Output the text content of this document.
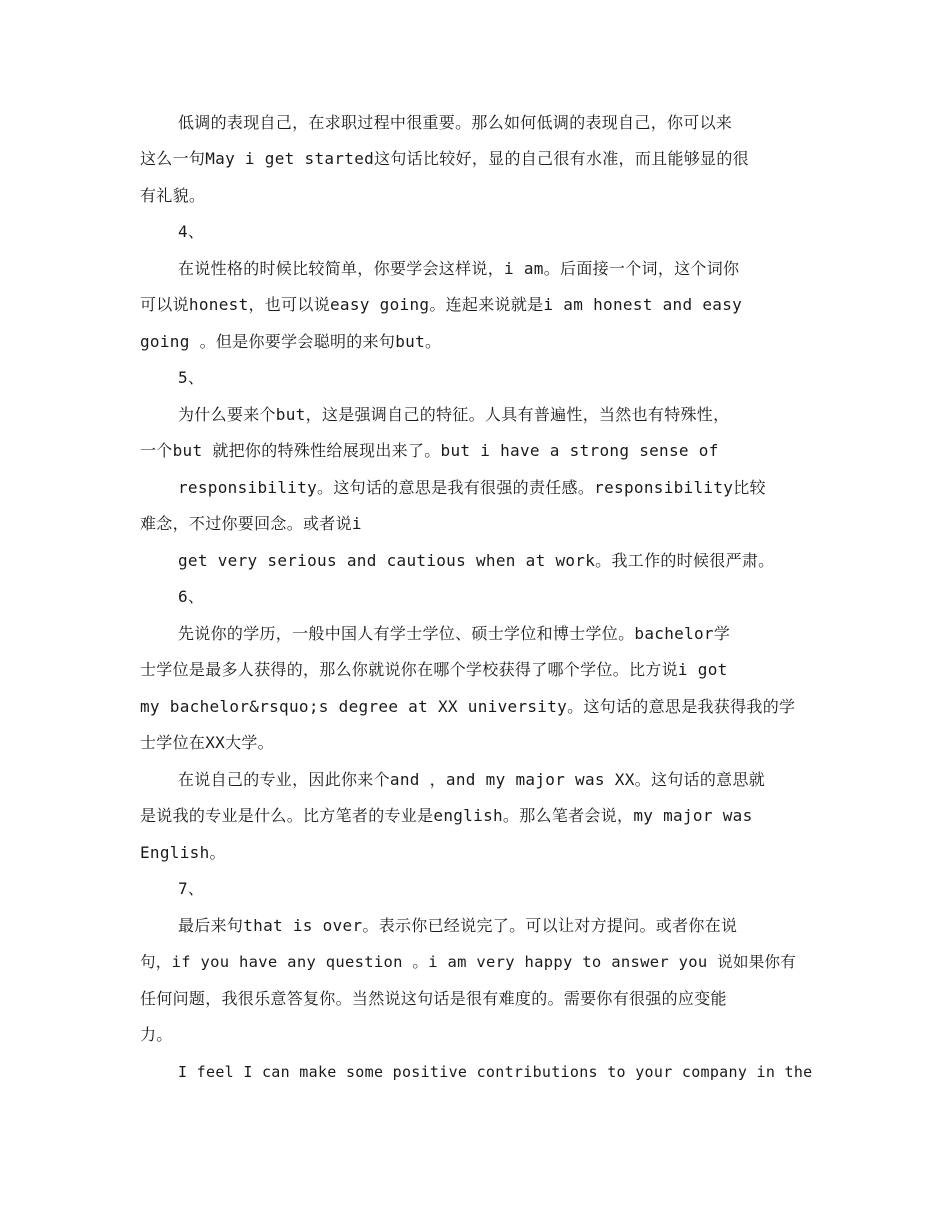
低调的表现自己，在求职过程中很重要。那么如何低调的表现自己，你可以来
这么一句May i get started这句话比较好，显的自己很有水准，而且能够显的很
有礼貌。
4、
在说性格的时候比较简单，你要学会这样说，i am。后面接一个词，这个词你
可以说honest，也可以说easy going。连起来说就是i am honest and easy
going 。但是你要学会聪明的来句but。
5、
为什么要来个but，这是强调自己的特征。人具有普遍性，当然也有特殊性，
一个but 就把你的特殊性给展现出来了。but i have a strong sense of
responsibility。这句话的意思是我有很强的责任感。responsibility比较
难念，不过你要回念。或者说i
get very serious and cautious when at work。我工作的时候很严肃。
6、
先说你的学历，一般中国人有学士学位、硕士学位和博士学位。bachelor学
士学位是最多人获得的，那么你就说你在哪个学校获得了哪个学位。比方说i got
my bachelor&rsquo;s degree at XX university。这句话的意思是我获得我的学
士学位在XX大学。
在说自己的专业，因此你来个and ，and my major was XX。这句话的意思就
是说我的专业是什么。比方笔者的专业是english。那么笔者会说，my major was
English。
7、
最后来句that is over。表示你已经说完了。可以让对方提问。或者你在说
句，if you have any question 。i am very happy to answer you 说如果你有
任何问题，我很乐意答复你。当然说这句话是很有难度的。需要你有很强的应变能
力。
I feel I can make some positive contributions to your company in the
